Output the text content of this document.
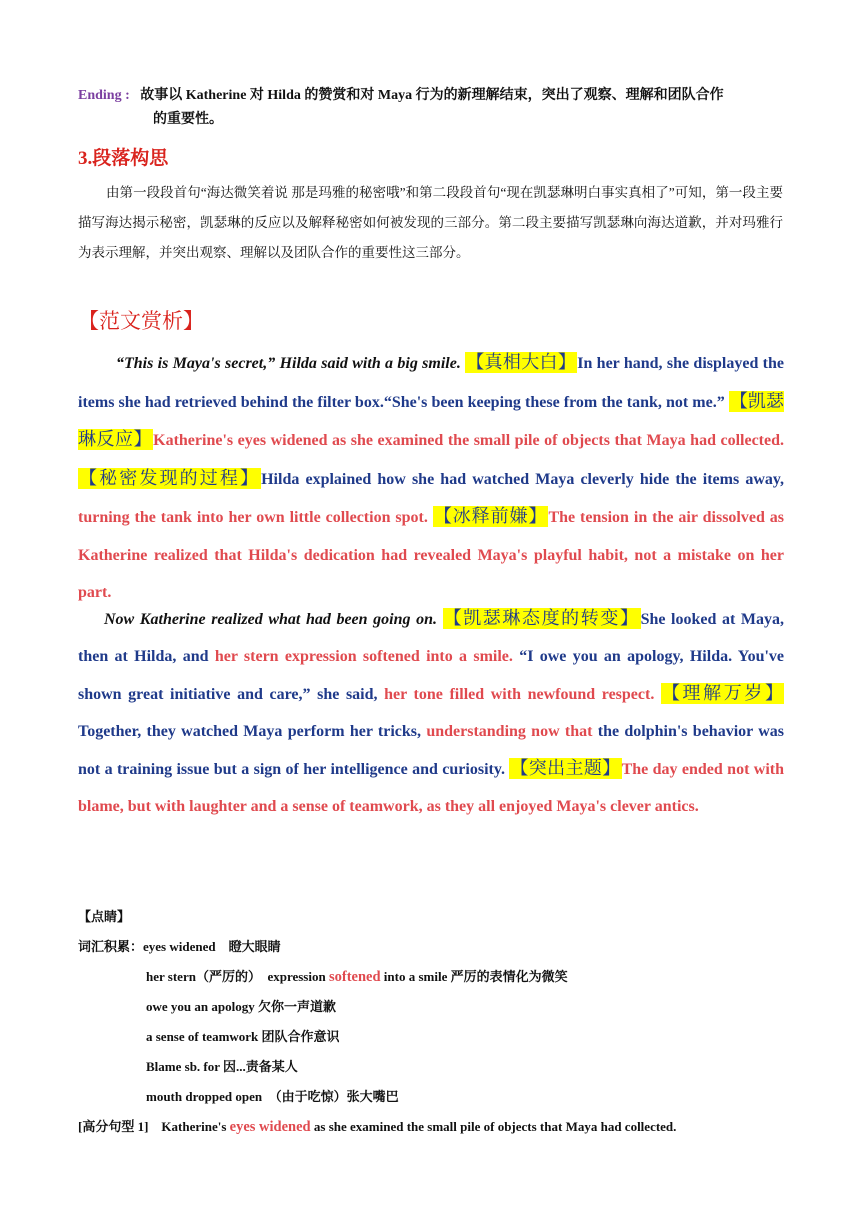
Ending : 故事以 Katherine 对 Hilda 的赞赏和对 Maya 行为的新理解结束，突出了观察、理解和团队合作
的重要性。
3.段落构思
由第一段段首句“海达微笑着说 那是玛雅的秘密哦”和第二段段首句“现在凯瑟琳明白事实真相了”可知，第一段主要描写海达揭示秘密，凯瑟琳的反应以及解释秘密如何被发现的三部分。第二段主要描写凯瑟琳向海达道歉，并对玛雅行为表示理解，并突出观察、理解以及团队合作的重要性这三部分。
【范文赏析】
“This is Maya's secret,” Hilda said with a big smile. 【真相大白】In her hand, she displayed the items she had retrieved behind the filter box.“She's been keeping these from the tank, not me.” 【凯瑟琳反应】Katherine's eyes widened as she examined the small pile of objects that Maya had collected. 【秘密发现的过程】Hilda explained how she had watched Maya cleverly hide the items away, turning the tank into her own little collection spot. 【冰释前嫌】The tension in the air dissolved as Katherine realized that Hilda's dedication had revealed Maya's playful habit, not a mistake on her part.
Now Katherine realized what had been going on. 【凯瑟琳态度的转变】She looked at Maya, then at Hilda, and her stern expression softened into a smile. “I owe you an apology, Hilda. You've shown great initiative and care,” she said, her tone filled with newfound respect. 【理解万岁】Together, they watched Maya perform her tricks, understanding now that the dolphin's behavior was not a training issue but a sign of her intelligence and curiosity. 【突出主题】The day ended not with blame, but with laughter and a sense of teamwork, as they all enjoyed Maya's clever antics.
【点睛】
词汇积累：eyes widened　瞪大眼睛
her stern（严厉的）　expression softened into a smile 严厉的表情化为微笑
owe you an apology 欠你一声道歉
a sense of teamwork 团队合作意识
Blame sb. for 因...责备某人
mouth dropped open　（由于吃惊）张大嘴巴
[高分句型 1] Katherine's eyes widened as she examined the small pile of objects that Maya had collected.
